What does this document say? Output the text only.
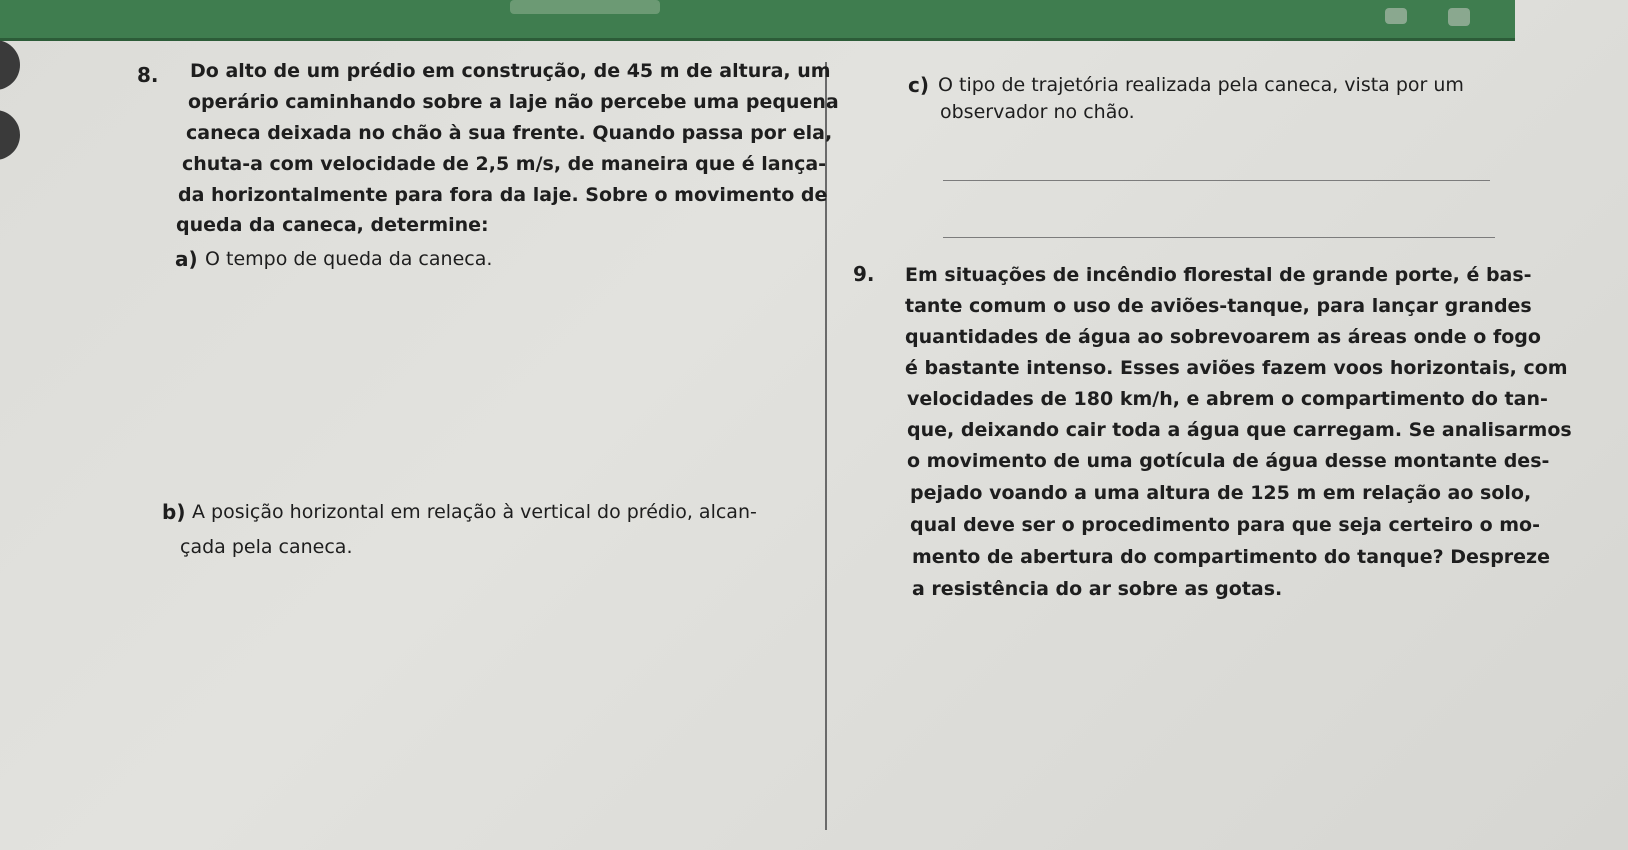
8. Do alto de um prédio em construção, de 45 m de altura, um
operário caminhando sobre a laje não percebe uma pequena
caneca deixada no chão à sua frente. Quando passa por ela,
chuta-a com velocidade de 2,5 m/s, de maneira que é lança-
da horizontalmente para fora da laje. Sobre o movimento de
queda da caneca, determine:
a) O tempo de queda da caneca.
b) A posição horizontal em relação à vertical do prédio, alcan-
çada pela caneca.
c) O tipo de trajetória realizada pela caneca, vista por um
observador no chão.
9. Em situações de incêndio florestal de grande porte, é bas-
tante comum o uso de aviões-tanque, para lançar grandes
quantidades de água ao sobrevoarem as áreas onde o fogo
é bastante intenso. Esses aviões fazem voos horizontais, com
velocidades de 180 km/h, e abrem o compartimento do tan-
que, deixando cair toda a água que carregam. Se analisarmos
o movimento de uma gotícula de água desse montante des-
pejado voando a uma altura de 125 m em relação ao solo,
qual deve ser o procedimento para que seja certeiro o mo-
mento de abertura do compartimento do tanque? Despreze
a resistência do ar sobre as gotas.
